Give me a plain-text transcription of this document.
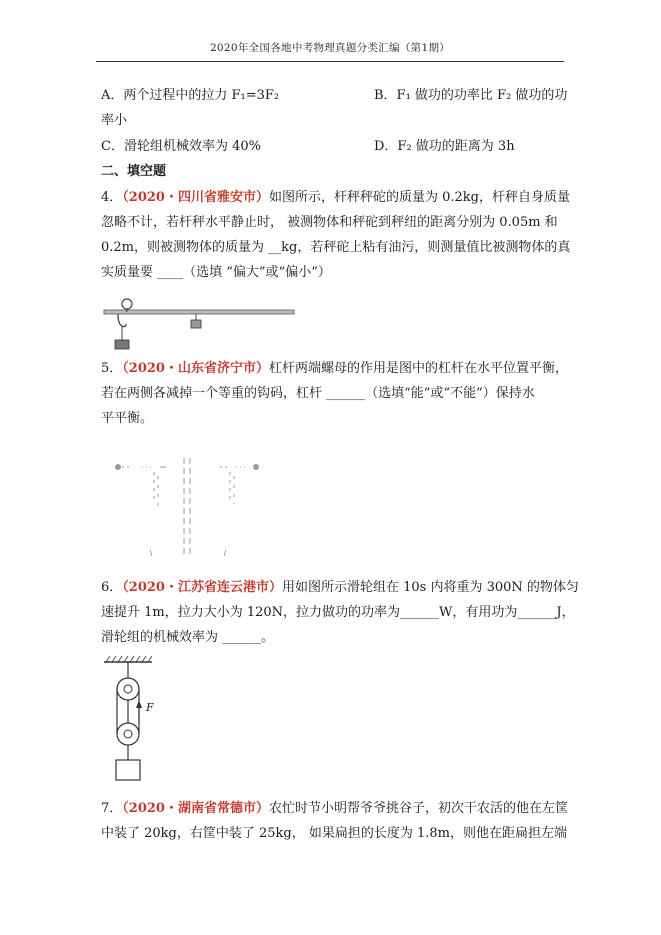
2020年全国各地中考物理真题分类汇编（第1期）
A．两个过程中的拉力 F₁=3F₂	B．F₁ 做功的功率比 F₂ 做功的功
率小
C．滑轮组机械效率为 40%	D．F₂ 做功的距离为 3h
二、填空题
4．（2020・四川省雅安市）如图所示，杆秤秤砣的质量为 0.2kg，杆秤自身质量
忽略不计，若杆秤水平静止时， 被测物体和秤砣到秤纽的距离分别为 0.05m 和
0.2m，则被测物体的质量为 __kg，若秤砣上粘有油污，则测量值比被测物体的真
实质量要 ____（选填 “偏大”或“偏小”）
5．（2020・山东省济宁市）杠杆两端螺母的作用是图中的杠杆在水平位置平衡，
若在两侧各减掉一个等重的钩码，杠杆 ______（选填“能”或“不能”）保持水
平平衡。
6．（2020・江苏省连云港市）用如图所示滑轮组在 10s 内将重为 300N 的物体匀
速提升 1m，拉力大小为 120N，拉力做功的功率为______W，有用功为______J，
滑轮组的机械效率为 ______。
F
7．（2020・湖南省常德市）农忙时节小明帮爷爷挑谷子，初次干农活的他在左筐
中装了 20kg，右筐中装了 25kg， 如果扁担的长度为 1.8m，则他在距扁担左端
